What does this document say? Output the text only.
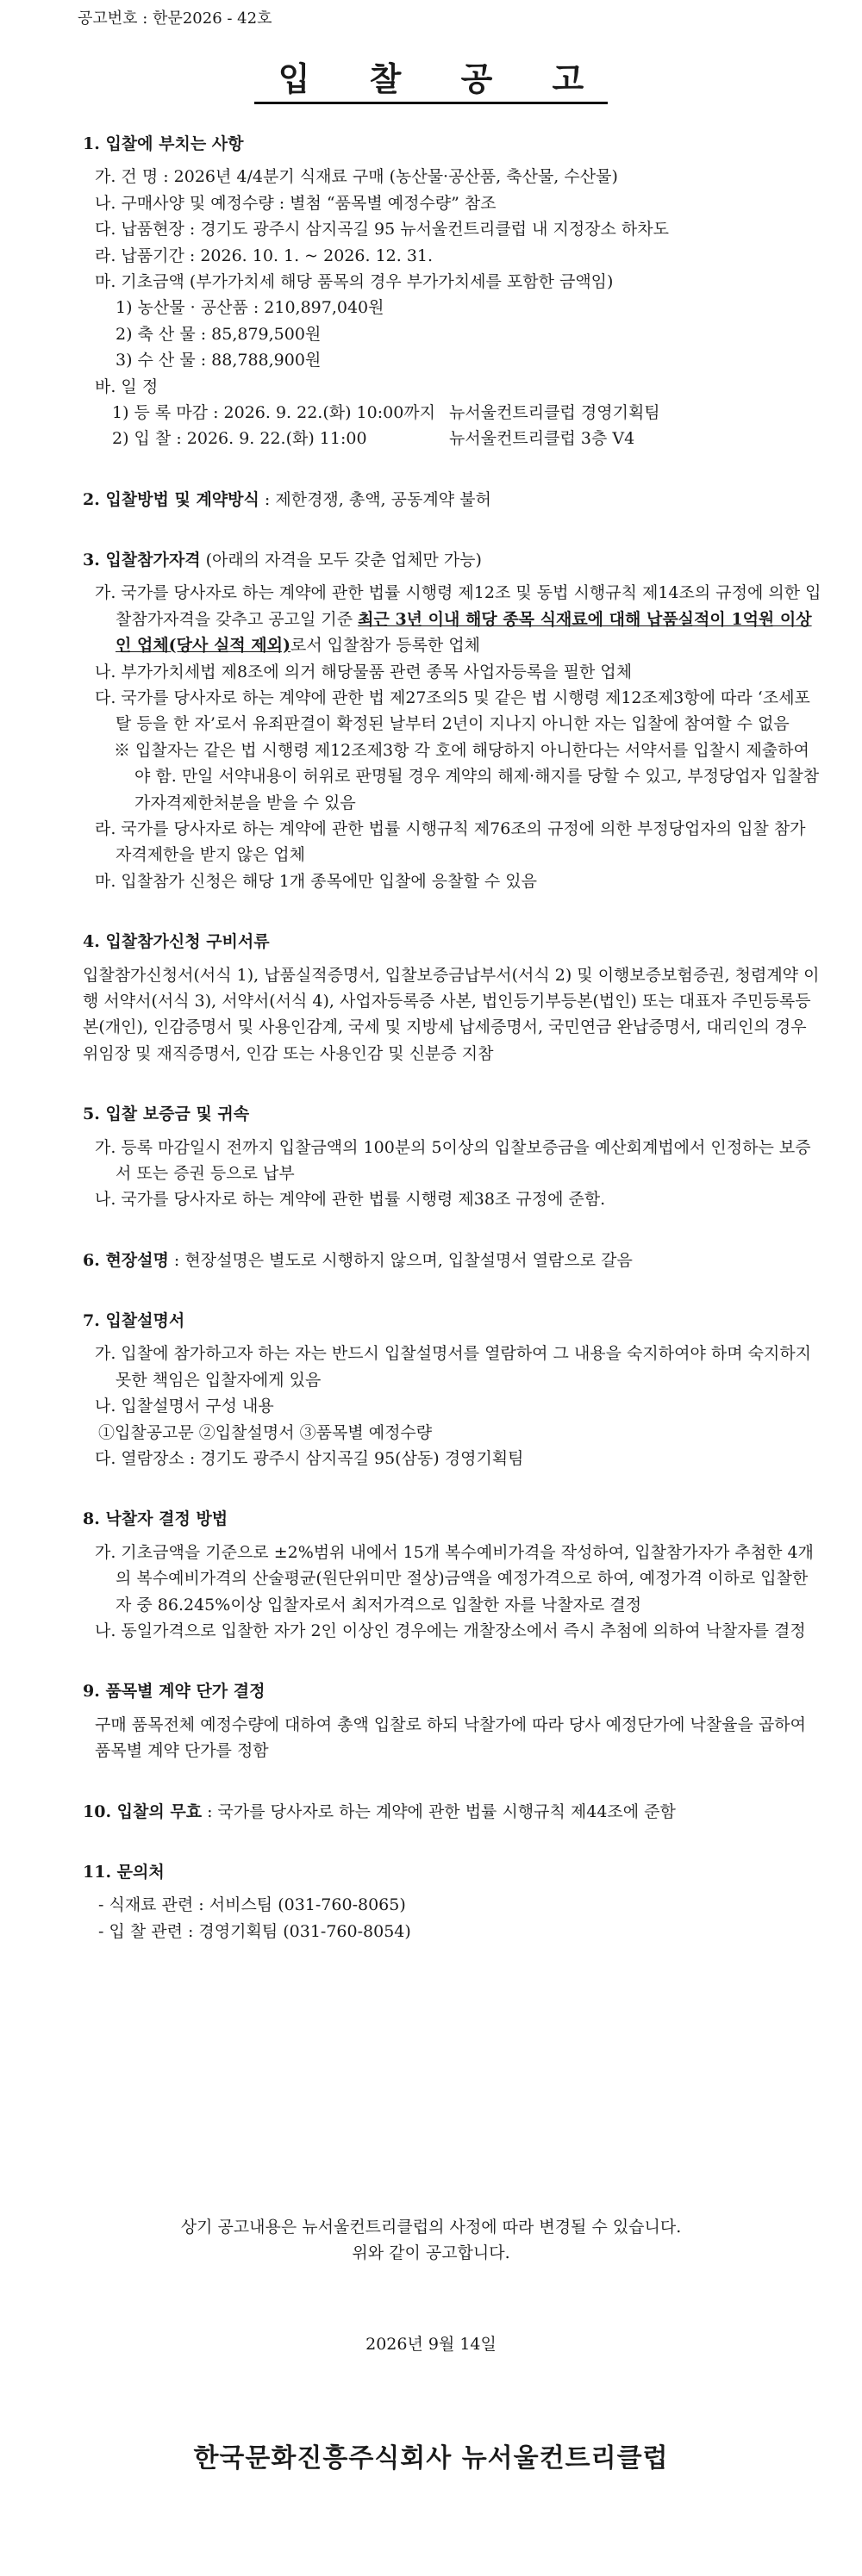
공고번호 : 한문2026 - 42호
입 찰 공 고
1. 입찰에 부치는 사항
가. 건 명 : 2026년 4/4분기 식재료 구매 (농산물·공산품, 축산물, 수산물)
나. 구매사양 및 예정수량 : 별첨 “품목별 예정수량” 참조
다. 납품현장 : 경기도 광주시 삼지곡길 95 뉴서울컨트리클럽 내 지정장소 하차도
라. 납품기간 : 2026. 10. 1. ~ 2026. 12. 31.
마. 기초금액 (부가가치세 해당 품목의 경우 부가가치세를 포함한 금액임)
1) 농산물 · 공산품 : 210,897,040원
2) 축 산 물 : 85,879,500원
3) 수 산 물 : 88,788,900원
바. 일 정
1) 등 록 마감 : 2026. 9. 22.(화) 10:00까지	뉴서울컨트리클럽 경영기획팀
2) 입 찰 : 2026. 9. 22.(화) 11:00	뉴서울컨트리클럽 3층 V4
2. 입찰방법 및 계약방식 : 제한경쟁, 총액, 공동계약 불허
3. 입찰참가자격 (아래의 자격을 모두 갖춘 업체만 가능)
가. 국가를 당사자로 하는 계약에 관한 법률 시행령 제12조 및 동법 시행규칙 제14조의 규정에 의한 입찰참가자격을 갖추고 공고일 기준 최근 3년 이내 해당 종목 식재료에 대해 납품실적이 1억원 이상인 업체(당사 실적 제외)로서 입찰참가 등록한 업체
나. 부가가치세법 제8조에 의거 해당물품 관련 종목 사업자등록을 필한 업체
다. 국가를 당사자로 하는 계약에 관한 법 제27조의5 및 같은 법 시행령 제12조제3항에 따라 ‘조세포탈 등을 한 자’로서 유죄판결이 확정된 날부터 2년이 지나지 아니한 자는 입찰에 참여할 수 없음
※ 입찰자는 같은 법 시행령 제12조제3항 각 호에 해당하지 아니한다는 서약서를 입찰시 제출하여야 함. 만일 서약내용이 허위로 판명될 경우 계약의 해제·해지를 당할 수 있고, 부정당업자 입찰참가자격제한처분을 받을 수 있음
라. 국가를 당사자로 하는 계약에 관한 법률 시행규칙 제76조의 규정에 의한 부정당업자의 입찰 참가 자격제한을 받지 않은 업체
마. 입찰참가 신청은 해당 1개 종목에만 입찰에 응찰할 수 있음
4. 입찰참가신청 구비서류
입찰참가신청서(서식 1), 납품실적증명서, 입찰보증금납부서(서식 2) 및 이행보증보험증권, 청렴계약 이행 서약서(서식 3), 서약서(서식 4), 사업자등록증 사본, 법인등기부등본(법인) 또는 대표자 주민등록등본(개인), 인감증명서 및 사용인감계, 국세 및 지방세 납세증명서, 국민연금 완납증명서, 대리인의 경우 위임장 및 재직증명서, 인감 또는 사용인감 및 신분증 지참
5. 입찰 보증금 및 귀속
가. 등록 마감일시 전까지 입찰금액의 100분의 5이상의 입찰보증금을 예산회계법에서 인정하는 보증서 또는 증권 등으로 납부
나. 국가를 당사자로 하는 계약에 관한 법률 시행령 제38조 규정에 준함.
6. 현장설명 : 현장설명은 별도로 시행하지 않으며, 입찰설명서 열람으로 갈음
7. 입찰설명서
가. 입찰에 참가하고자 하는 자는 반드시 입찰설명서를 열람하여 그 내용을 숙지하여야 하며 숙지하지 못한 책임은 입찰자에게 있음
나. 입찰설명서 구성 내용
①입찰공고문 ②입찰설명서 ③품목별 예정수량
다. 열람장소 : 경기도 광주시 삼지곡길 95(삼동) 경영기획팀
8. 낙찰자 결정 방법
가. 기초금액을 기준으로 ±2%범위 내에서 15개 복수예비가격을 작성하여, 입찰참가자가 추첨한 4개의 복수예비가격의 산술평균(원단위미만 절상)금액을 예정가격으로 하여, 예정가격 이하로 입찰한 자 중 86.245%이상 입찰자로서 최저가격으로 입찰한 자를 낙찰자로 결정
나. 동일가격으로 입찰한 자가 2인 이상인 경우에는 개찰장소에서 즉시 추첨에 의하여 낙찰자를 결정
9. 품목별 계약 단가 결정
구매 품목전체 예정수량에 대하여 총액 입찰로 하되 낙찰가에 따라 당사 예정단가에 낙찰율을 곱하여 품목별 계약 단가를 정함
10. 입찰의 무효 : 국가를 당사자로 하는 계약에 관한 법률 시행규칙 제44조에 준함
11. 문의처
- 식재료 관련 : 서비스팀 (031-760-8065)
- 입 찰 관련 : 경영기획팀 (031-760-8054)
상기 공고내용은 뉴서울컨트리클럽의 사정에 따라 변경될 수 있습니다.
위와 같이 공고합니다.
2026년 9월 14일
한국문화진흥주식회사 뉴서울컨트리클럽
